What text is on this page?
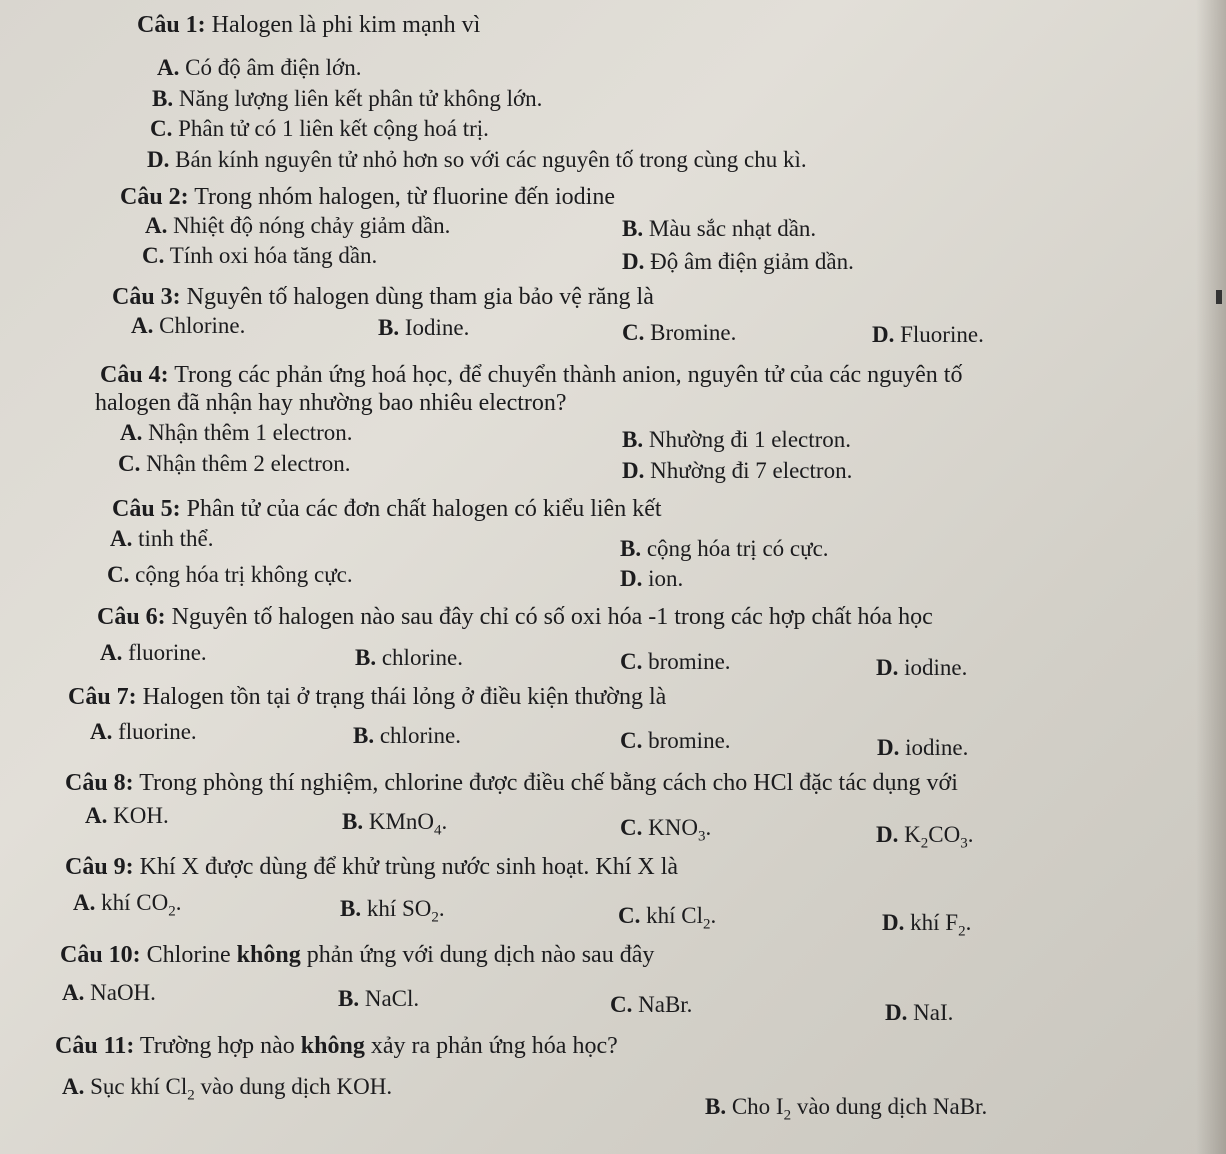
Câu 1: Halogen là phi kim mạnh vì
A. Có độ âm điện lớn.
B. Năng lượng liên kết phân tử không lớn.
C. Phân tử có 1 liên kết cộng hoá trị.
D. Bán kính nguyên tử nhỏ hơn so với các nguyên tố trong cùng chu kì.
Câu 2: Trong nhóm halogen, từ fluorine đến iodine
A. Nhiệt độ nóng chảy giảm dần.	B. Màu sắc nhạt dần.
C. Tính oxi hóa tăng dần.	D. Độ âm điện giảm dần.
Câu 3: Nguyên tố halogen dùng tham gia bảo vệ răng là
A. Chlorine.	B. Iodine.	C. Bromine.	D. Fluorine.
Câu 4: Trong các phản ứng hoá học, để chuyển thành anion, nguyên tử của các nguyên tố
halogen đã nhận hay nhường bao nhiêu electron?
A. Nhận thêm 1 electron.	B. Nhường đi 1 electron.
C. Nhận thêm 2 electron.	D. Nhường đi 7 electron.
Câu 5: Phân tử của các đơn chất halogen có kiểu liên kết
A. tinh thể.	B. cộng hóa trị có cực.
C. cộng hóa trị không cực.	D. ion.
Câu 6: Nguyên tố halogen nào sau đây chỉ có số oxi hóa -1 trong các hợp chất hóa học
A. fluorine.	B. chlorine.	C. bromine.	D. iodine.
Câu 7: Halogen tồn tại ở trạng thái lỏng ở điều kiện thường là
A. fluorine.	B. chlorine.	C. bromine.	D. iodine.
Câu 8: Trong phòng thí nghiệm, chlorine được điều chế bằng cách cho HCl đặc tác dụng với
A. KOH.	B. KMnO$_4$.	C. $KNO_3$.	D. $K_2CO_3$.
Câu 9: Khí X được dùng để khử trùng nước sinh hoạt. Khí X là
A. khí $CO_2$.	B. khí $SO_2$.	C. khí $Cl_2$.	D. khí $F_2$.
Câu 10: Chlorine không phản ứng với dung dịch nào sau đây
A. NaOH.	B. NaCl.	C. NaBr.	D. NaI.
Câu 11: Trường hợp nào không xảy ra phản ứng hóa học?
A. Sục khí $Cl_2$ vào dung dịch KOH.
B. Cho $I_2$ vào dung dịch NaBr.
